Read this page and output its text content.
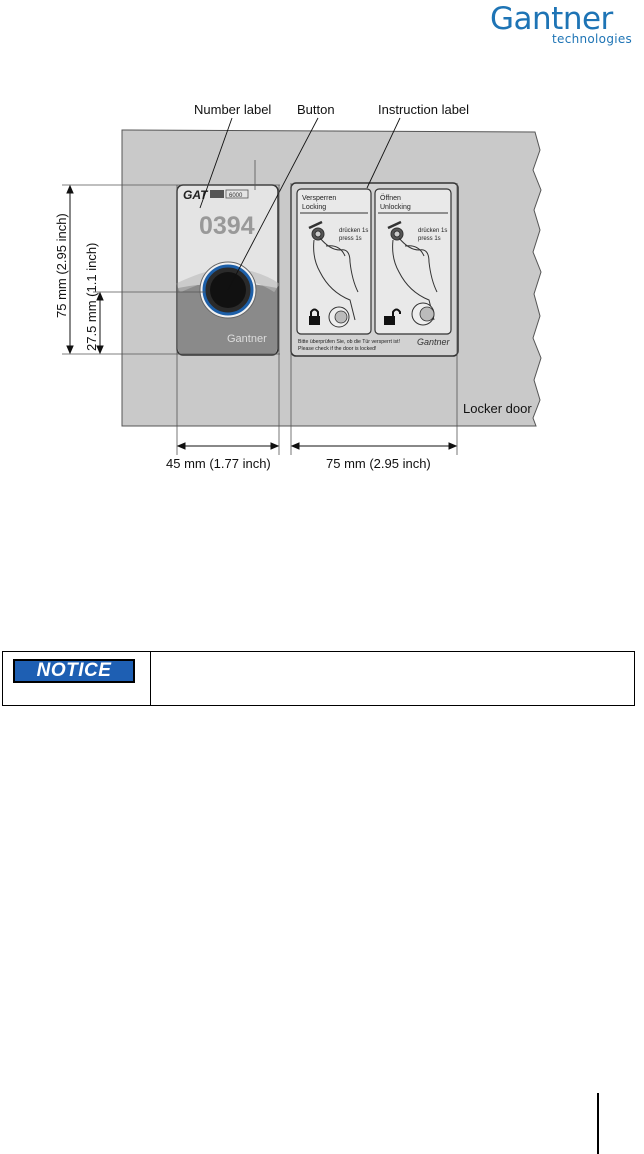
Gantner
technologies
GAT	6000
0394
Gantner
Versperren
Locking
Öffnen
Unlocking
drücken 1s
press 1s
drücken 1s
press 1s
Bitte überprüfen Sie, ob die Tür versperrt ist!
Please check if the door is locked!
Gantner
Number label Button	Instruction label
75 mm (2.95 inch) 27.5 mm (1.1 inch)
45 mm (1.77 inch)	75 mm (2.95 inch)
Locker door
NOTICE
